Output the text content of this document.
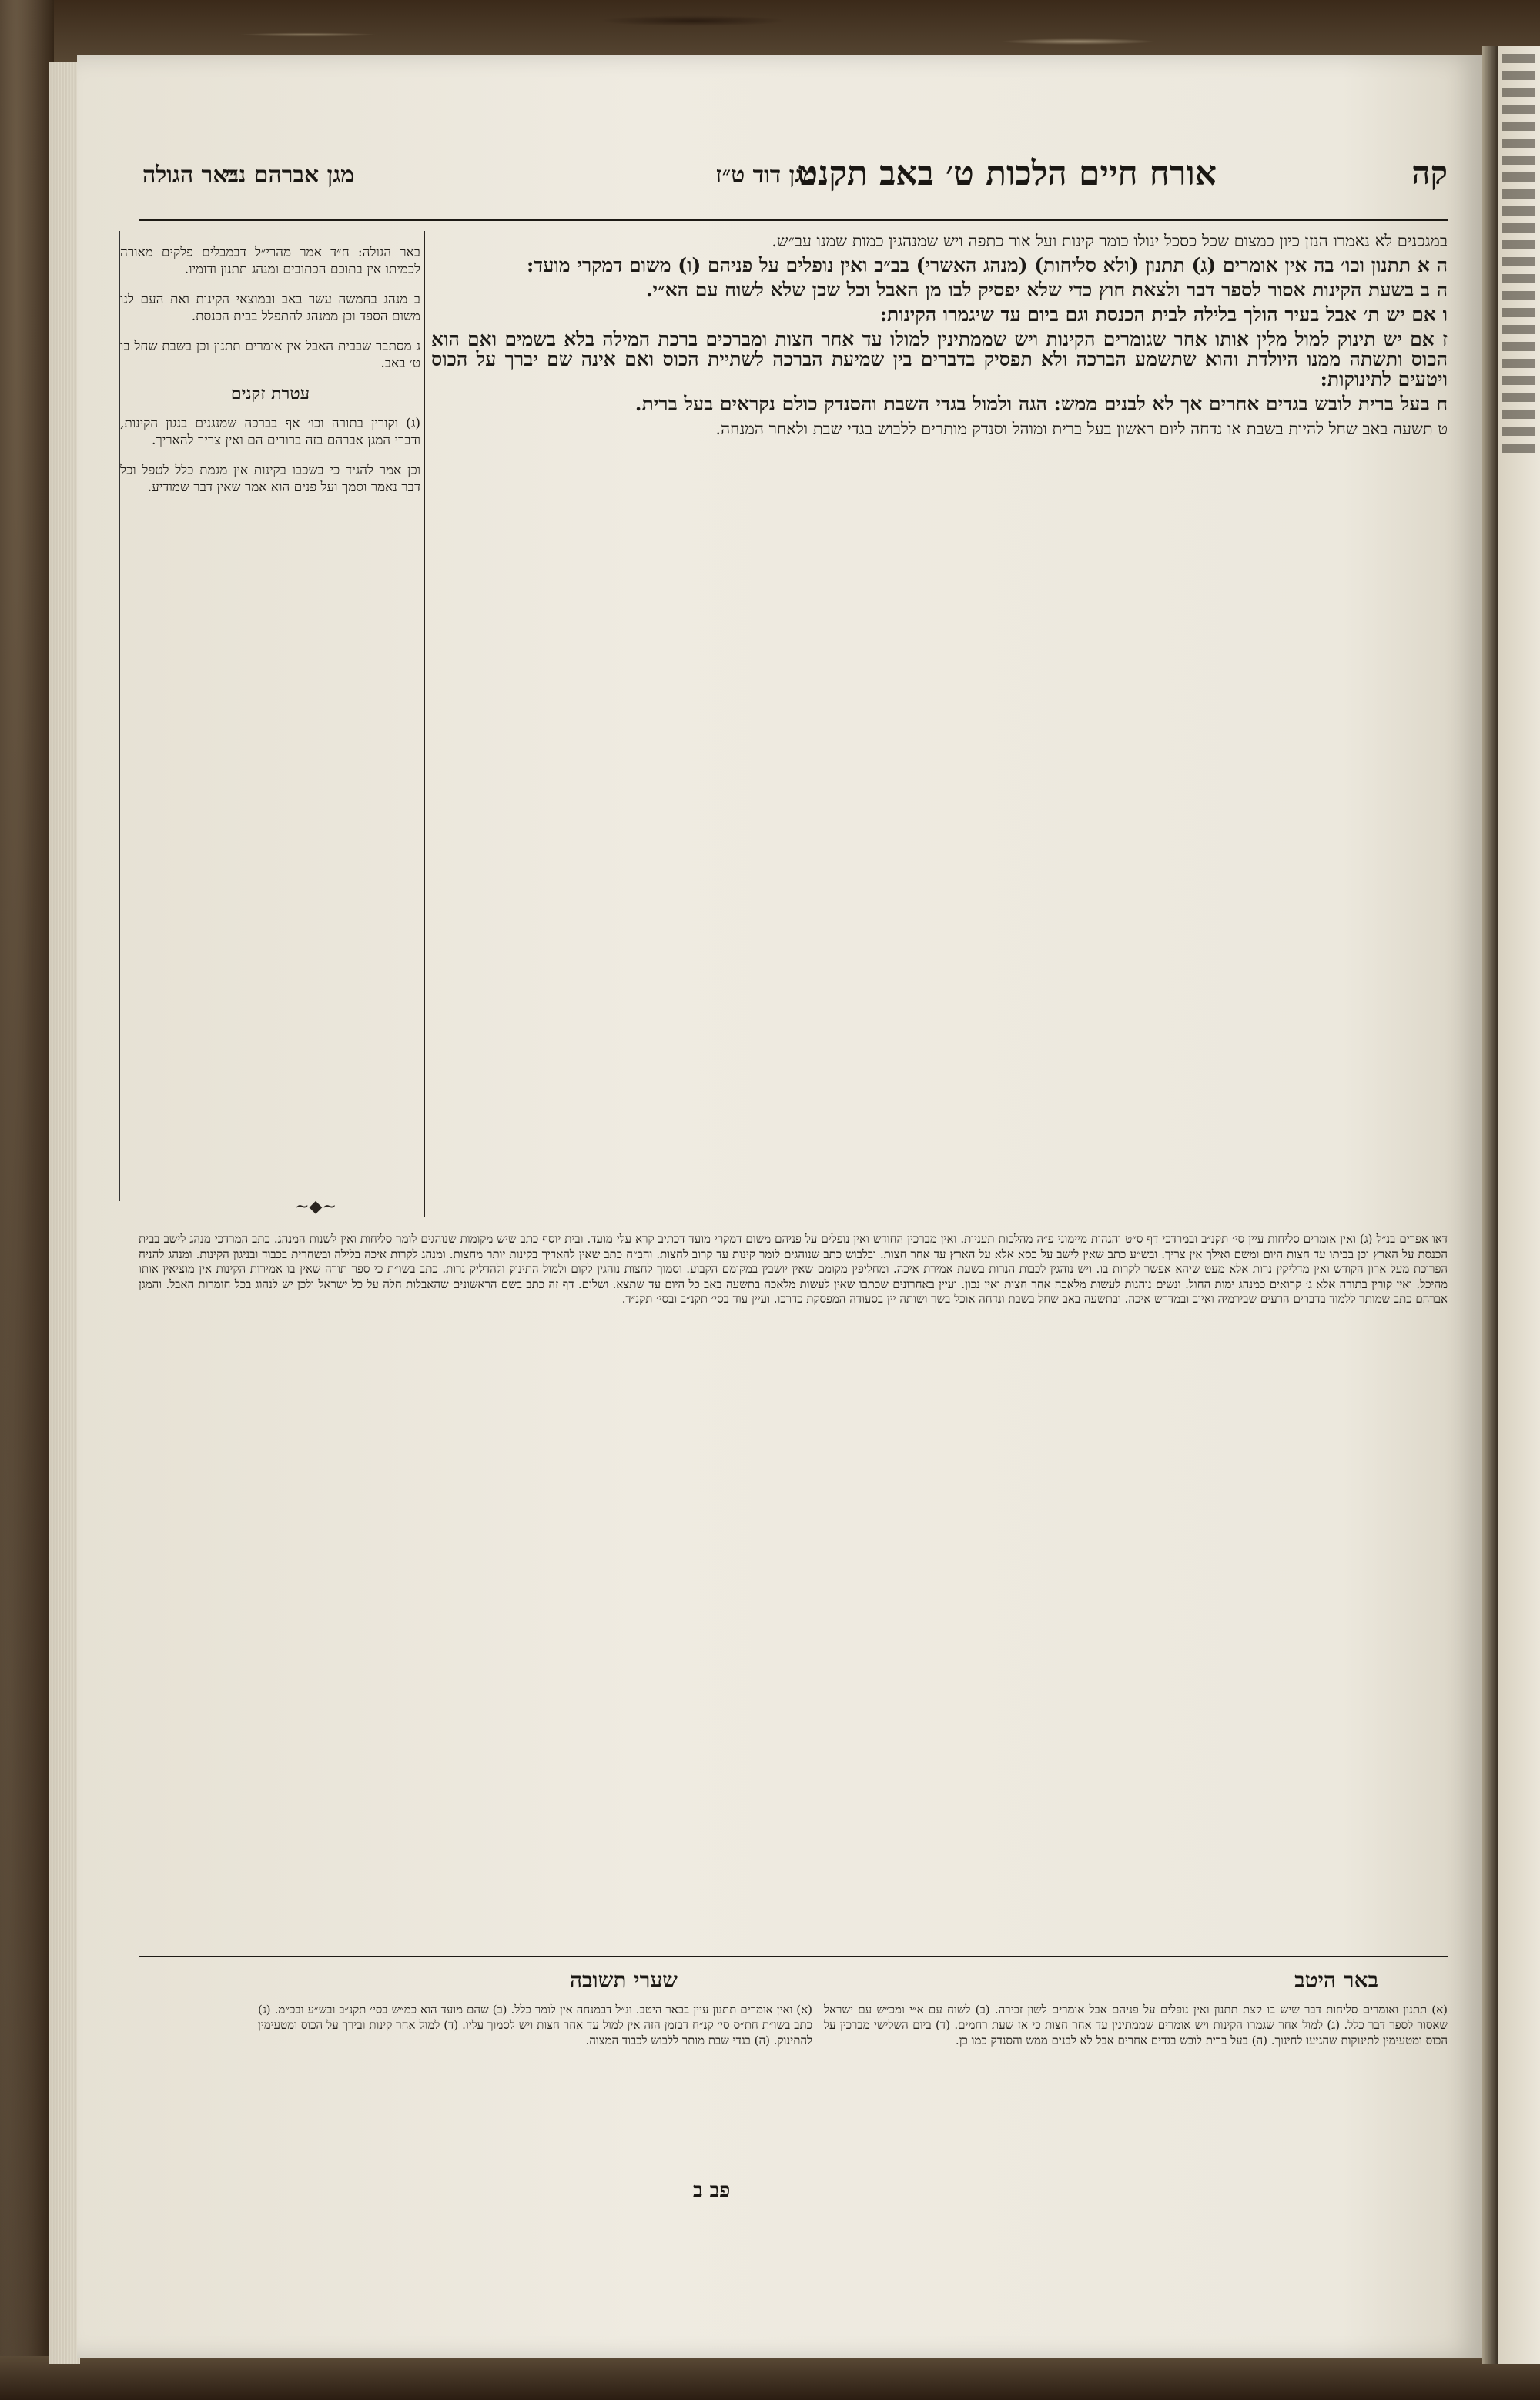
קה
אורח חיים הלכות ט׳ באב תקנט
מגן דוד ט״ז
מגן אברהם נ״י
באר הגולה

במגכנים לא נאמרו הנזן כיון כמצום שכל כסכל ינולו כומר קינות ועל אור כתפה ויש שמנהגין כמות שמנו עב״ש.

ה א תתנון וכו׳ בה אין אומרים (ג) תתנון (ולא סליחות) (מנהג האשרי) בב״ב ואין נופלים על פניהם (ו) משום דמקרי מועד:

ה ב בשעת הקינות אסור לספר דבר ולצאת חוץ כדי שלא יפסיק לבו מן האבל וכל שכן שלא לשוח עם הא״י.

ו אם יש ת׳ אבל בעיר הולך בלילה לבית הכנסת וגם ביום עד שיגמרו הקינות:

ז אם יש תינוק למול מלין אותו אחר שגומרים הקינות ויש שממתינין למולו עד אחר חצות ומברכים ברכת המילה בלא בשמים ואם הוא הכוס ותשתה ממנו היולדת והוא שתשמע הברכה ולא תפסיק בדברים בין שמיעת הברכה לשתיית הכוס ואם אינה שם יברך על הכוס ויטעים לתינוקות:

ח בעל ברית לובש בגדים אחרים אך לא לבנים ממש: הגה ולמול בגדי השבת והסנדק כולם נקראים בעל ברית.

ט תשעה באב שחל להיות בשבת או נדחה ליום ראשון בעל ברית ומוהל וסנדק מותרים ללבוש בגדי שבת ולאחר המנחה.

באר הגולה: ח״ד אמר מהרי״ל דבמבלים פלקים מאורה לכמיתו אין בתוכם הכתובים ומנהג תתנון ודומיו.

ב מנהג בחמשה עשר באב ובמוצאי הקינות ואת העם לנו משום הספד וכן ממנהג להתפלל בבית הכנסת.

ג מסתבר שבבית האבל אין אומרים תתנון וכן בשבת שחל בו ט׳ באב.

עטרת זקנים

(ג) וקורין בתורה וכו׳ אף בברכה שמנגנים בנגון הקינות, ודברי המגן אברהם בזה ברורים הם ואין צריך להאריך.

וכן אמר להגיד כי בשכבו בקינות אין מגמת כלל לטפל וכל דבר נאמר וסמך ועל פנים הוא אמר שאין דבר שמודיע.

~◆~
דאו אפרים בנ״ל (ג) ואין אומרים סליחות עיין סי׳ תקנ״ב ובמרדכי דף ס״ט והגהות מיימוני פ״ה מהלכות תעניות. ואין מברכין החודש ואין נופלים על פניהם משום דמקרי מועד דכתיב קרא עלי מועד. ובית יוסף כתב שיש מקומות שנוהגים לומר סליחות ואין לשנות המנהג. כתב המרדכי מנהג לישב בבית הכנסת על הארץ וכן בביתו עד חצות היום ומשם ואילך אין צריך. ובש״ע כתב שאין לישב על כסא אלא על הארץ עד אחר חצות. ובלבוש כתב שנוהגים לומר קינות עד קרוב לחצות. והב״ח כתב שאין להאריך בקינות יותר מחצות. ומנהג לקרות איכה בלילה ובשחרית בכבוד ובניגון הקינות. ומנהג להניח הפרוכת מעל ארון הקודש ואין מדליקין נרות אלא מעט שיהא אפשר לקרות בו. ויש נוהגין לכבות הנרות בשעת אמירת איכה. ומחליפין מקומם שאין יושבין במקומם הקבוע. וסמוך לחצות נוהגין לקום ולמול התינוק ולהדליק נרות. כתב בשו״ת כי ספר תורה שאין בו אמירות הקינות אין מוציאין אותו מהיכל. ואין קורין בתורה אלא ג׳ קרואים כמנהג ימות החול. ונשים נוהגות לעשות מלאכה אחר חצות ואין נכון. ועיין באחרונים שכתבו שאין לעשות מלאכה בתשעה באב כל היום עד שתצא. ושלום. דף זה כתב בשם הראשונים שהאבלות חלה על כל ישראל ולכן יש לנהוג בכל חומרות האבל. והמגן אברהם כתב שמותר ללמוד בדברים הרעים שבירמיה ואיוב ובמדרש איכה. ובתשעה באב שחל בשבת ונדחה אוכל בשר ושותה יין בסעודה המפסקת כדרכו. ועיין עוד בסי׳ תקנ״ב ובסי׳ תקנ״ד.
באר היטב
שערי תשובה
(א) תתנון ואומרים סליחות דבר שיש בו קצת תתנון ואין נופלים על פניהם אבל אומרים לשון זכירה. (ב) לשוח עם א״י ומכ״ש עם ישראל שאסור לספר דבר כלל. (ג) למול אחר שגמרו הקינות ויש אומרים שממתינין עד אחר חצות כי אז שעת רחמים. (ד) ביום השלישי מברכין על הכוס ומטעימין לתינוקות שהגיעו לחינוך. (ה) בעל ברית לובש בגדים אחרים אבל לא לבנים ממש והסנדק כמו כן.
(א) ואין אומרים תתנון עיין בבאר היטב. ונ״ל דבמנחה אין לומר כלל. (ב) שהם מועד הוא כמ״ש בסי׳ תקנ״ב ובש״ע ובכ״מ. (ג) כתב בשו״ת חת״ס סי׳ קנ״ח דבזמן הזה אין למול עד אחר חצות ויש לסמוך עליו. (ד) למול אחר קינות ובירך על הכוס ומטעימין להתינוק. (ה) בגדי שבת מותר ללבוש לכבוד המצוה.
פב ב
